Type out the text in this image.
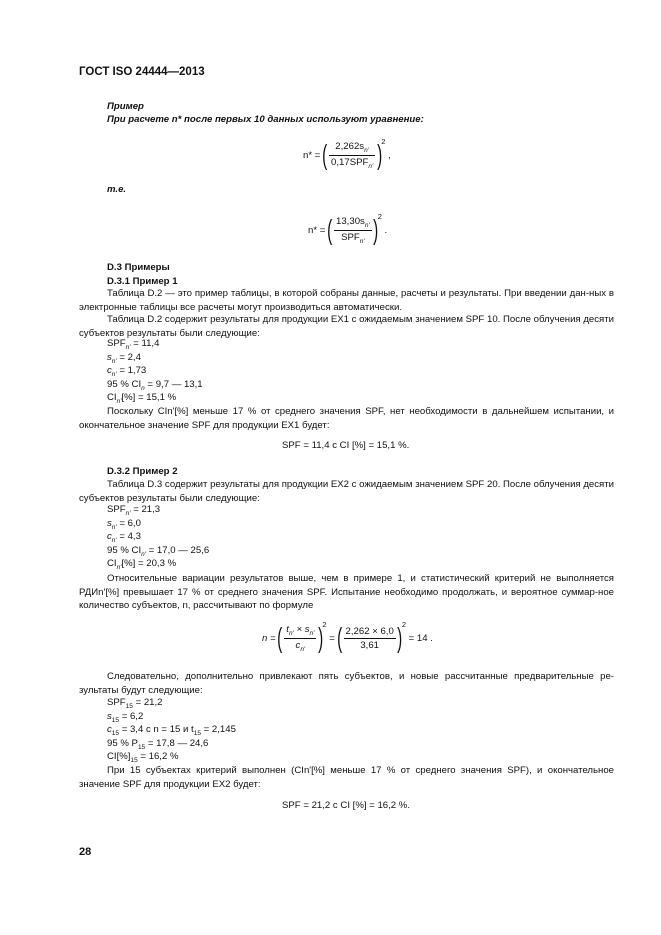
ГОСТ ISO 24444—2013
Пример
При расчете n* после первых 10 данных используют уравнение:
n* = ( $\frac{2,262s_{n'}}{0,17SPF_{n'}} )^2$ ,
т.е.
n* = ( $\frac{13,30s_{n'}}{SPF_{n'}} )^2$ .
D.3 Примеры
D.3.1 Пример 1
Таблица D.2 — это пример таблицы, в которой собраны данные, расчеты и результаты. При введении дан-ных в электронные таблицы все расчеты могут производиться автоматически.
Таблица D.2 содержит результаты для продукции ЕХ1 с ожидаемым значением SPF 10. После облучения десяти субъектов результаты были следующие:
$SPF_{n'} = 11,4$
$s_{n'} = 2,4$
$c_{n'} = 1,73$
95 % $CI_n = 9,7$ — 13,1
$CI_{n'}[\%] = 15,1$ %
Поскольку CIn'[%] меньше 17 % от среднего значения SPF, нет необходимости в дальнейшем испытании, и окончательное значение SPF для продукции ЕХ1 будет:
SPF = 11,4 с CI [%] = 15,1 %.
D.3.2 Пример 2
Таблица D.3 содержит результаты для продукции ЕХ2 с ожидаемым значением SPF 20. После облучения десяти субъектов результаты были следующие:
$SPF_{n'} = 21,3$
$s_{n'} = 6,0$
$c_{n'} = 4,3$
95 % $CI_{n'} = 17,0$ — 25,6
$CI_{n'}[\%] = 20,3$ %
Относительные вариации результатов выше, чем в примере 1, и статистический критерий не выполняется РДИn'[%] превышает 17 % от среднего значения SPF. Испытание необходимо продолжать, и вероятное суммар-ное количество субъектов, n, рассчитывают по формуле
n = ( $\frac{t_{n'} \times s_{n'}}{c_{n'}} )^2$ = ( $\frac{2,262 \times 6,0}{3,61} )^2 = 14$ .
Следовательно, дополнительно привлекают пять субъектов, и новые рассчитанные предварительные ре-зультаты будут следующие:
$SPF_{15} = 21,2$
$s_{15} = 6,2$
$c_{15} = 3,4$ с n = 15 и $t_{15} = 2,145$
95 % $P_{15} = 17,8$ — 24,6
$CI[\%]_{15} = 16,2$ %
При 15 субъектах критерий выполнен (CIn'[%] меньше 17 % от среднего значения SPF), и окончательное значение SPF для продукции ЕХ2 будет:
SPF = 21,2 с CI [%] = 16,2 %.
28
